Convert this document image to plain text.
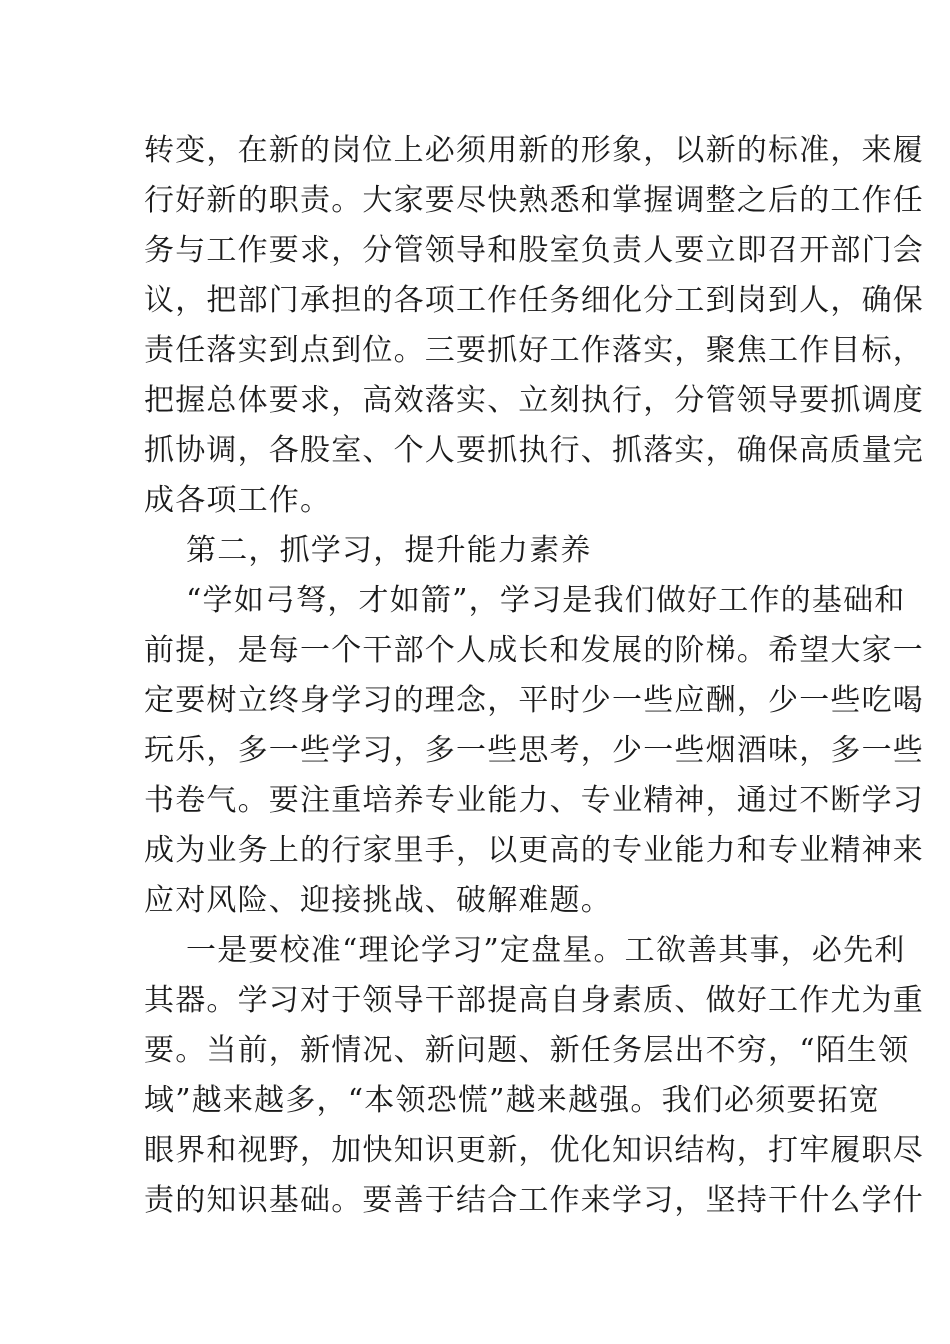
转变，在新的岗位上必须用新的形象，以新的标准，来履
行好新的职责。大家要尽快熟悉和掌握调整之后的工作任
务与工作要求，分管领导和股室负责人要立即召开部门会
议，把部门承担的各项工作任务细化分工到岗到人，确保
责任落实到点到位。三要抓好工作落实，聚焦工作目标，
把握总体要求，高效落实、立刻执行，分管领导要抓调度
抓协调，各股室、个人要抓执行、抓落实，确保高质量完
成各项工作。
第二，抓学习，提升能力素养
“学如弓弩，才如箭”，学习是我们做好工作的基础和
前提，是每一个干部个人成长和发展的阶梯。希望大家一
定要树立终身学习的理念，平时少一些应酬，少一些吃喝
玩乐，多一些学习，多一些思考，少一些烟酒味，多一些
书卷气。要注重培养专业能力、专业精神，通过不断学习
成为业务上的行家里手，以更高的专业能力和专业精神来
应对风险、迎接挑战、破解难题。
一是要校准“理论学习”定盘星。工欲善其事，必先利
其器。学习对于领导干部提高自身素质、做好工作尤为重
要。当前，新情况、新问题、新任务层出不穷，“陌生领
域”越来越多，“本领恐慌”越来越强。我们必须要拓宽
眼界和视野，加快知识更新，优化知识结构，打牢履职尽
责的知识基础。要善于结合工作来学习，坚持干什么学什
